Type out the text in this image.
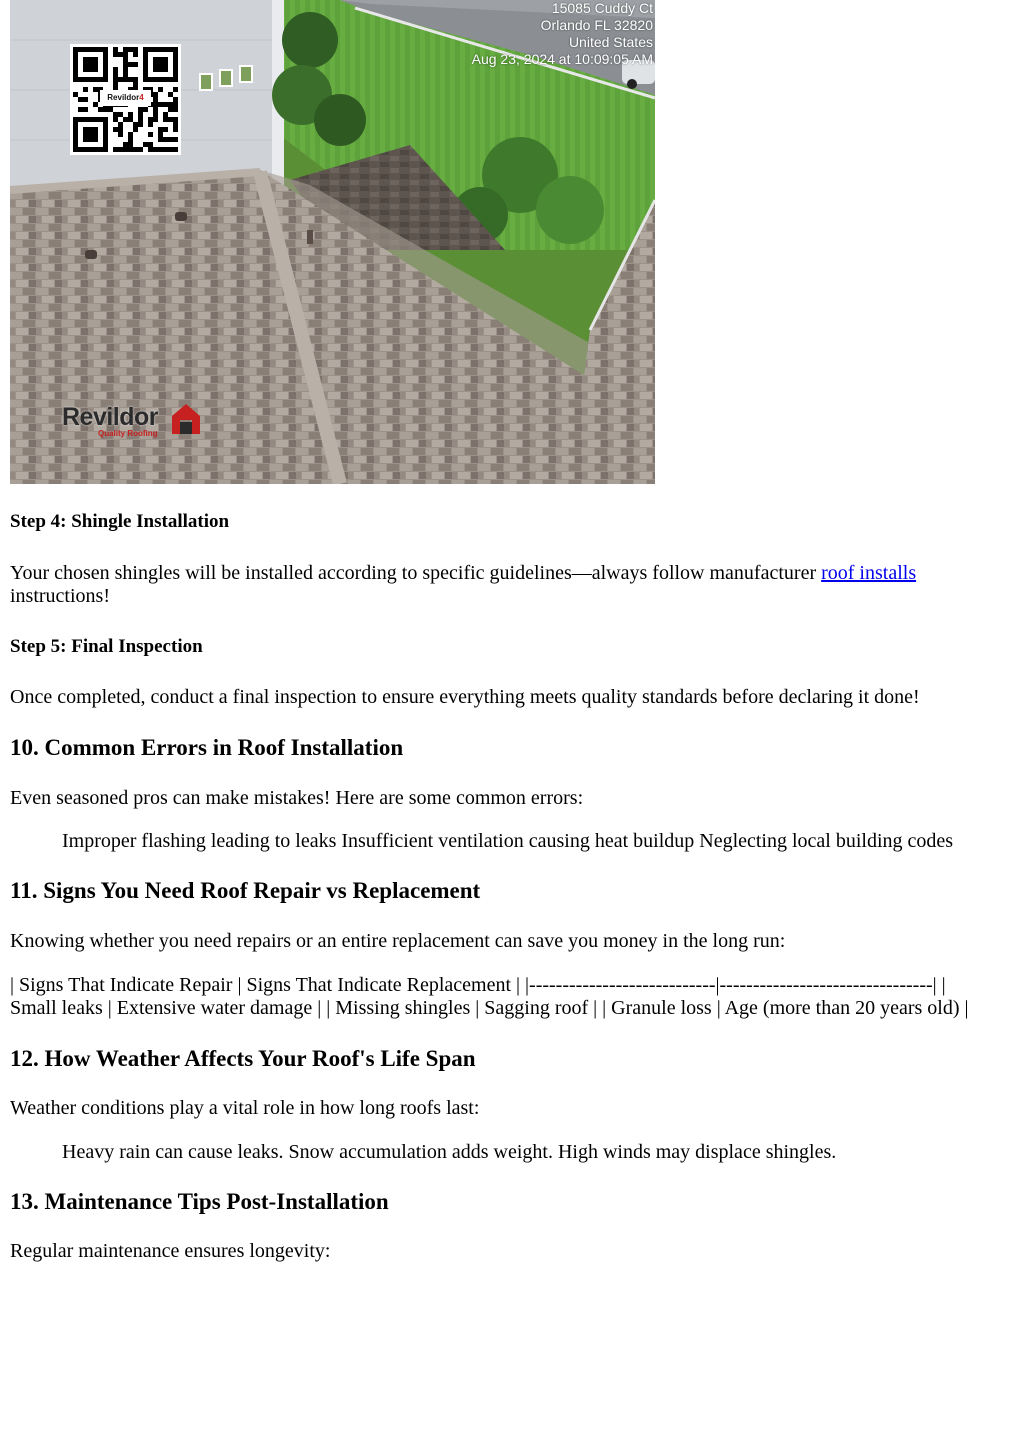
Revildor4
15085 Cuddy Ct
Orlando FL 32820
United States
Aug 23, 2024 at 10:09:05 AM
Revildor
Quality Roofing
Step 4: Shingle Installation

Your chosen shingles will be installed according to specific guidelines—always follow manufacturer roof installs

instructions!

Step 5: Final Inspection

Once completed, conduct a final inspection to ensure everything meets quality standards before declaring it done!

10. Common Errors in Roof Installation

Even seasoned pros can make mistakes! Here are some common errors:

Improper flashing leading to leaks Insufficient ventilation causing heat buildup Neglecting local building codes

11. Signs You Need Roof Repair vs Replacement

Knowing whether you need repairs or an entire replacement can save you money in the long run:

| Signs That Indicate Repair | Signs That Indicate Replacement | |----------------------------|--------------------------------| |

Small leaks | Extensive water damage | | Missing shingles | Sagging roof | | Granule loss | Age (more than 20 years old) |

12. How Weather Affects Your Roof's Life Span

Weather conditions play a vital role in how long roofs last:

Heavy rain can cause leaks. Snow accumulation adds weight. High winds may displace shingles.

13. Maintenance Tips Post-Installation

Regular maintenance ensures longevity:
